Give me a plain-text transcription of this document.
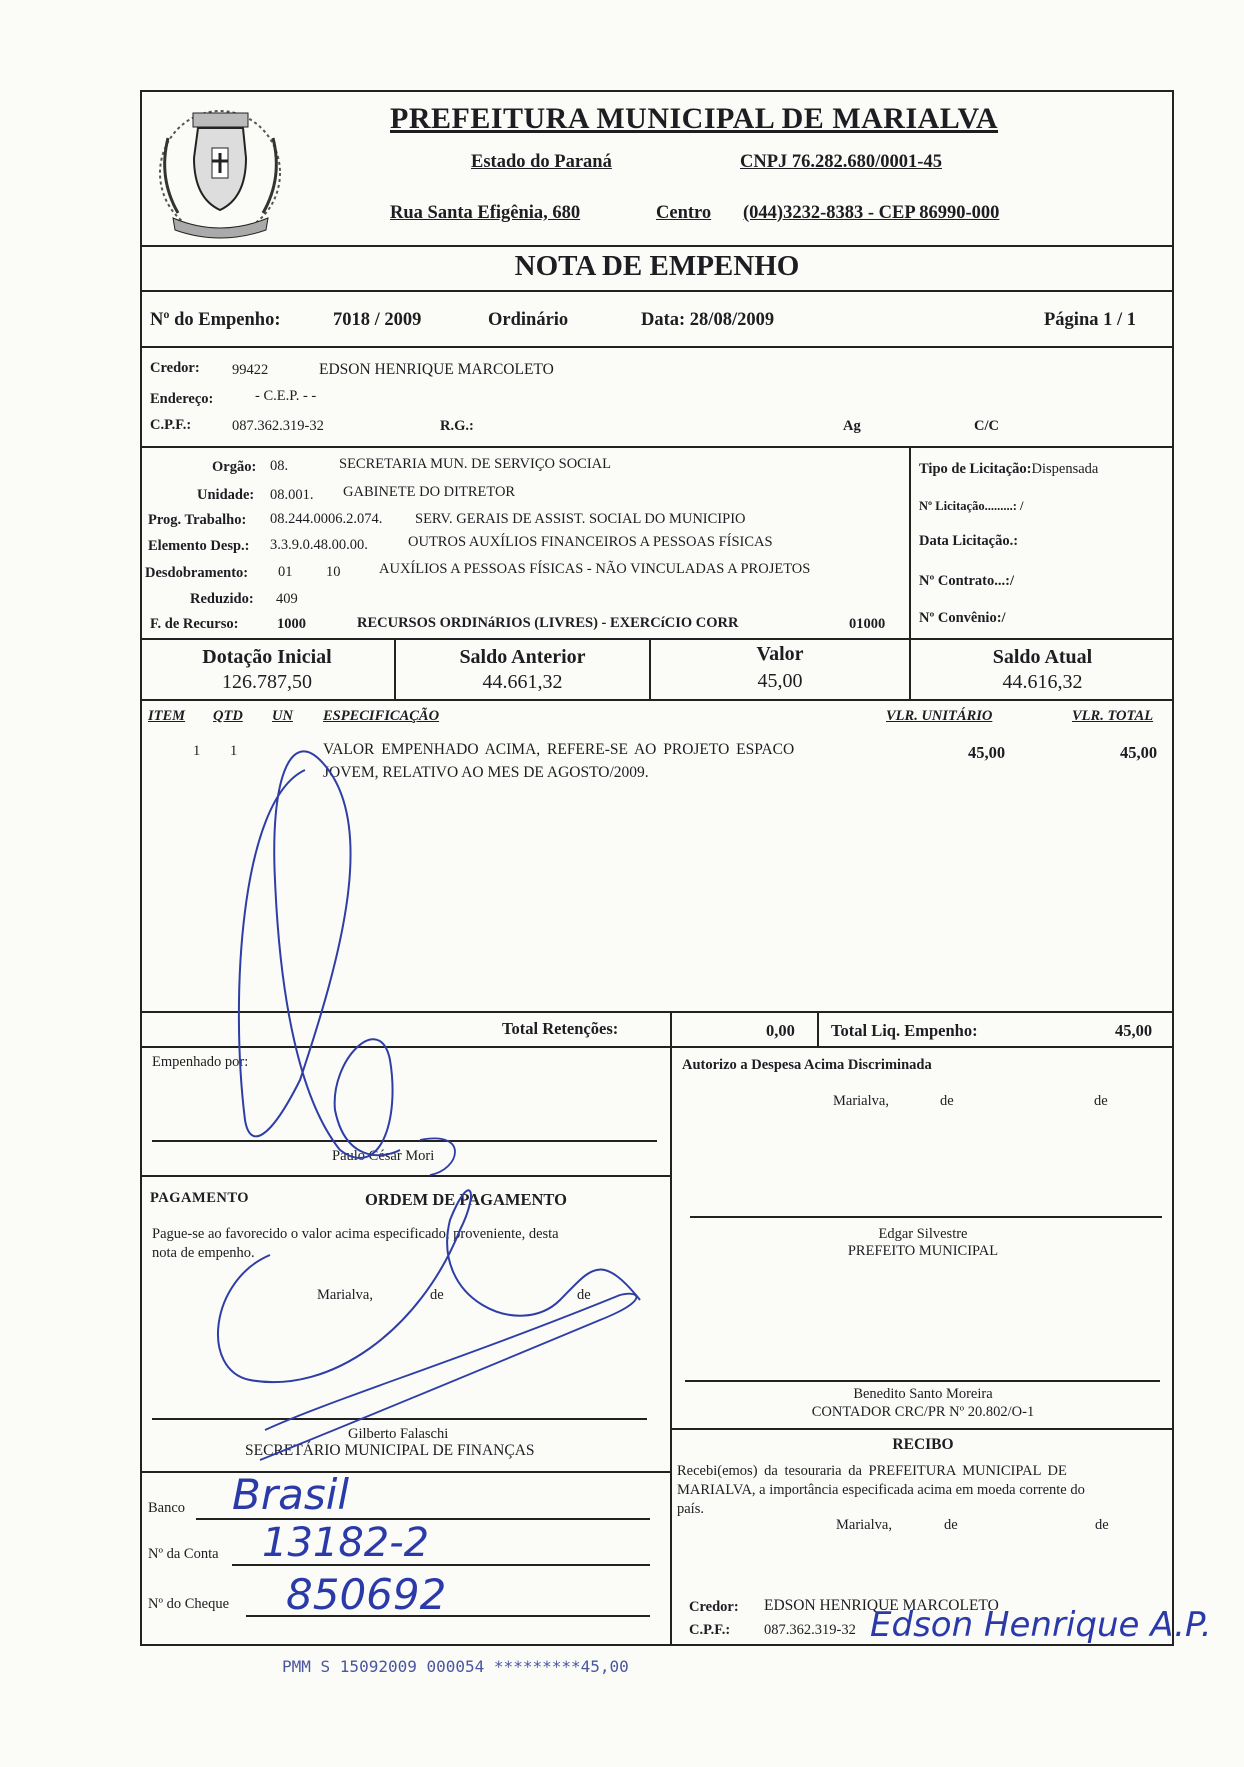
PREFEITURA MUNICIPAL DE MARIALVA
Estado do Paraná	CNPJ 76.282.680/0001-45
Rua Santa Efigênia, 680	Centro (044)3232-8383 - CEP 86990-000
NOTA DE EMPENHO
Nº do Empenho:	7018 / 2009	Ordinário	Data: 28/08/2009	Página 1 / 1
Credor: 99422	EDSON HENRIQUE MARCOLETO
Endereço:	- C.E.P. - -
C.P.F.:	087.362.319-32	R.G.:	Ag	C/C
Orgão: 08.	SECRETARIA MUN. DE SERVIÇO SOCIAL
Unidade: 08.001. GABINETE DO DITRETOR
Prog. Trabalho: 08.244.0006.2.074. SERV. GERAIS DE ASSIST. SOCIAL DO MUNICIPIO
Elemento Desp.: 3.3.9.0.48.00.00.	OUTROS AUXÍLIOS FINANCEIROS A PESSOAS FÍSICAS
Desdobramento: 01 10	AUXÍLIOS A PESSOAS FÍSICAS - NÃO VINCULADAS A PROJETOS
Reduzido: 409
F. de Recurso:	1000	RECURSOS ORDINáRIOS (LIVRES) - EXERCíCIO CORR	01000
Tipo de Licitação:Dispensada
Nº Licitação.........: /
Data Licitação.:
Nº Contrato...:/
Nº Convênio:/
Dotação Inicial
126.787,50
Saldo Anterior
44.661,32
Valor
45,00
Saldo Atual
44.616,32
ITEM QTD UN ESPECIFICAÇÃO	VLR. UNITÁRIO	VLR. TOTAL
1 1	VALOR EMPENHADO ACIMA, REFERE-SE AO PROJETO ESPACO
JOVEM, RELATIVO AO MES DE AGOSTO/2009.
45,00	45,00
Total Retenções:	0,00 Total Liq. Empenho:	45,00
Empenhado por:
Paulo César Mori
Autorizo a Despesa Acima Discriminada
Marialva,	de	de
Edgar Silvestre
PREFEITO MUNICIPAL
Benedito Santo Moreira
CONTADOR CRC/PR Nº 20.802/O-1
PAGAMENTO	ORDEM DE PAGAMENTO
Pague-se ao favorecido o valor acima especificado, proveniente, desta
nota de empenho.
Marialva,	de	de
Gilberto Falaschi
SECRETÁRIO MUNICIPAL DE FINANÇAS
Banco Brasil
Nº da Conta 13182-2
Nº do Cheque 850692
RECIBO
Recebi(emos) da tesouraria da PREFEITURA MUNICIPAL DE
MARIALVA, a importância especificada acima em moeda corrente do
país.
Marialva,	de	de
Credor: EDSON HENRIQUE MARCOLETO
C.P.F.: 087.362.319-32 Edson Henrique A.P.
PMM S 15092009 000054 *********45,00
